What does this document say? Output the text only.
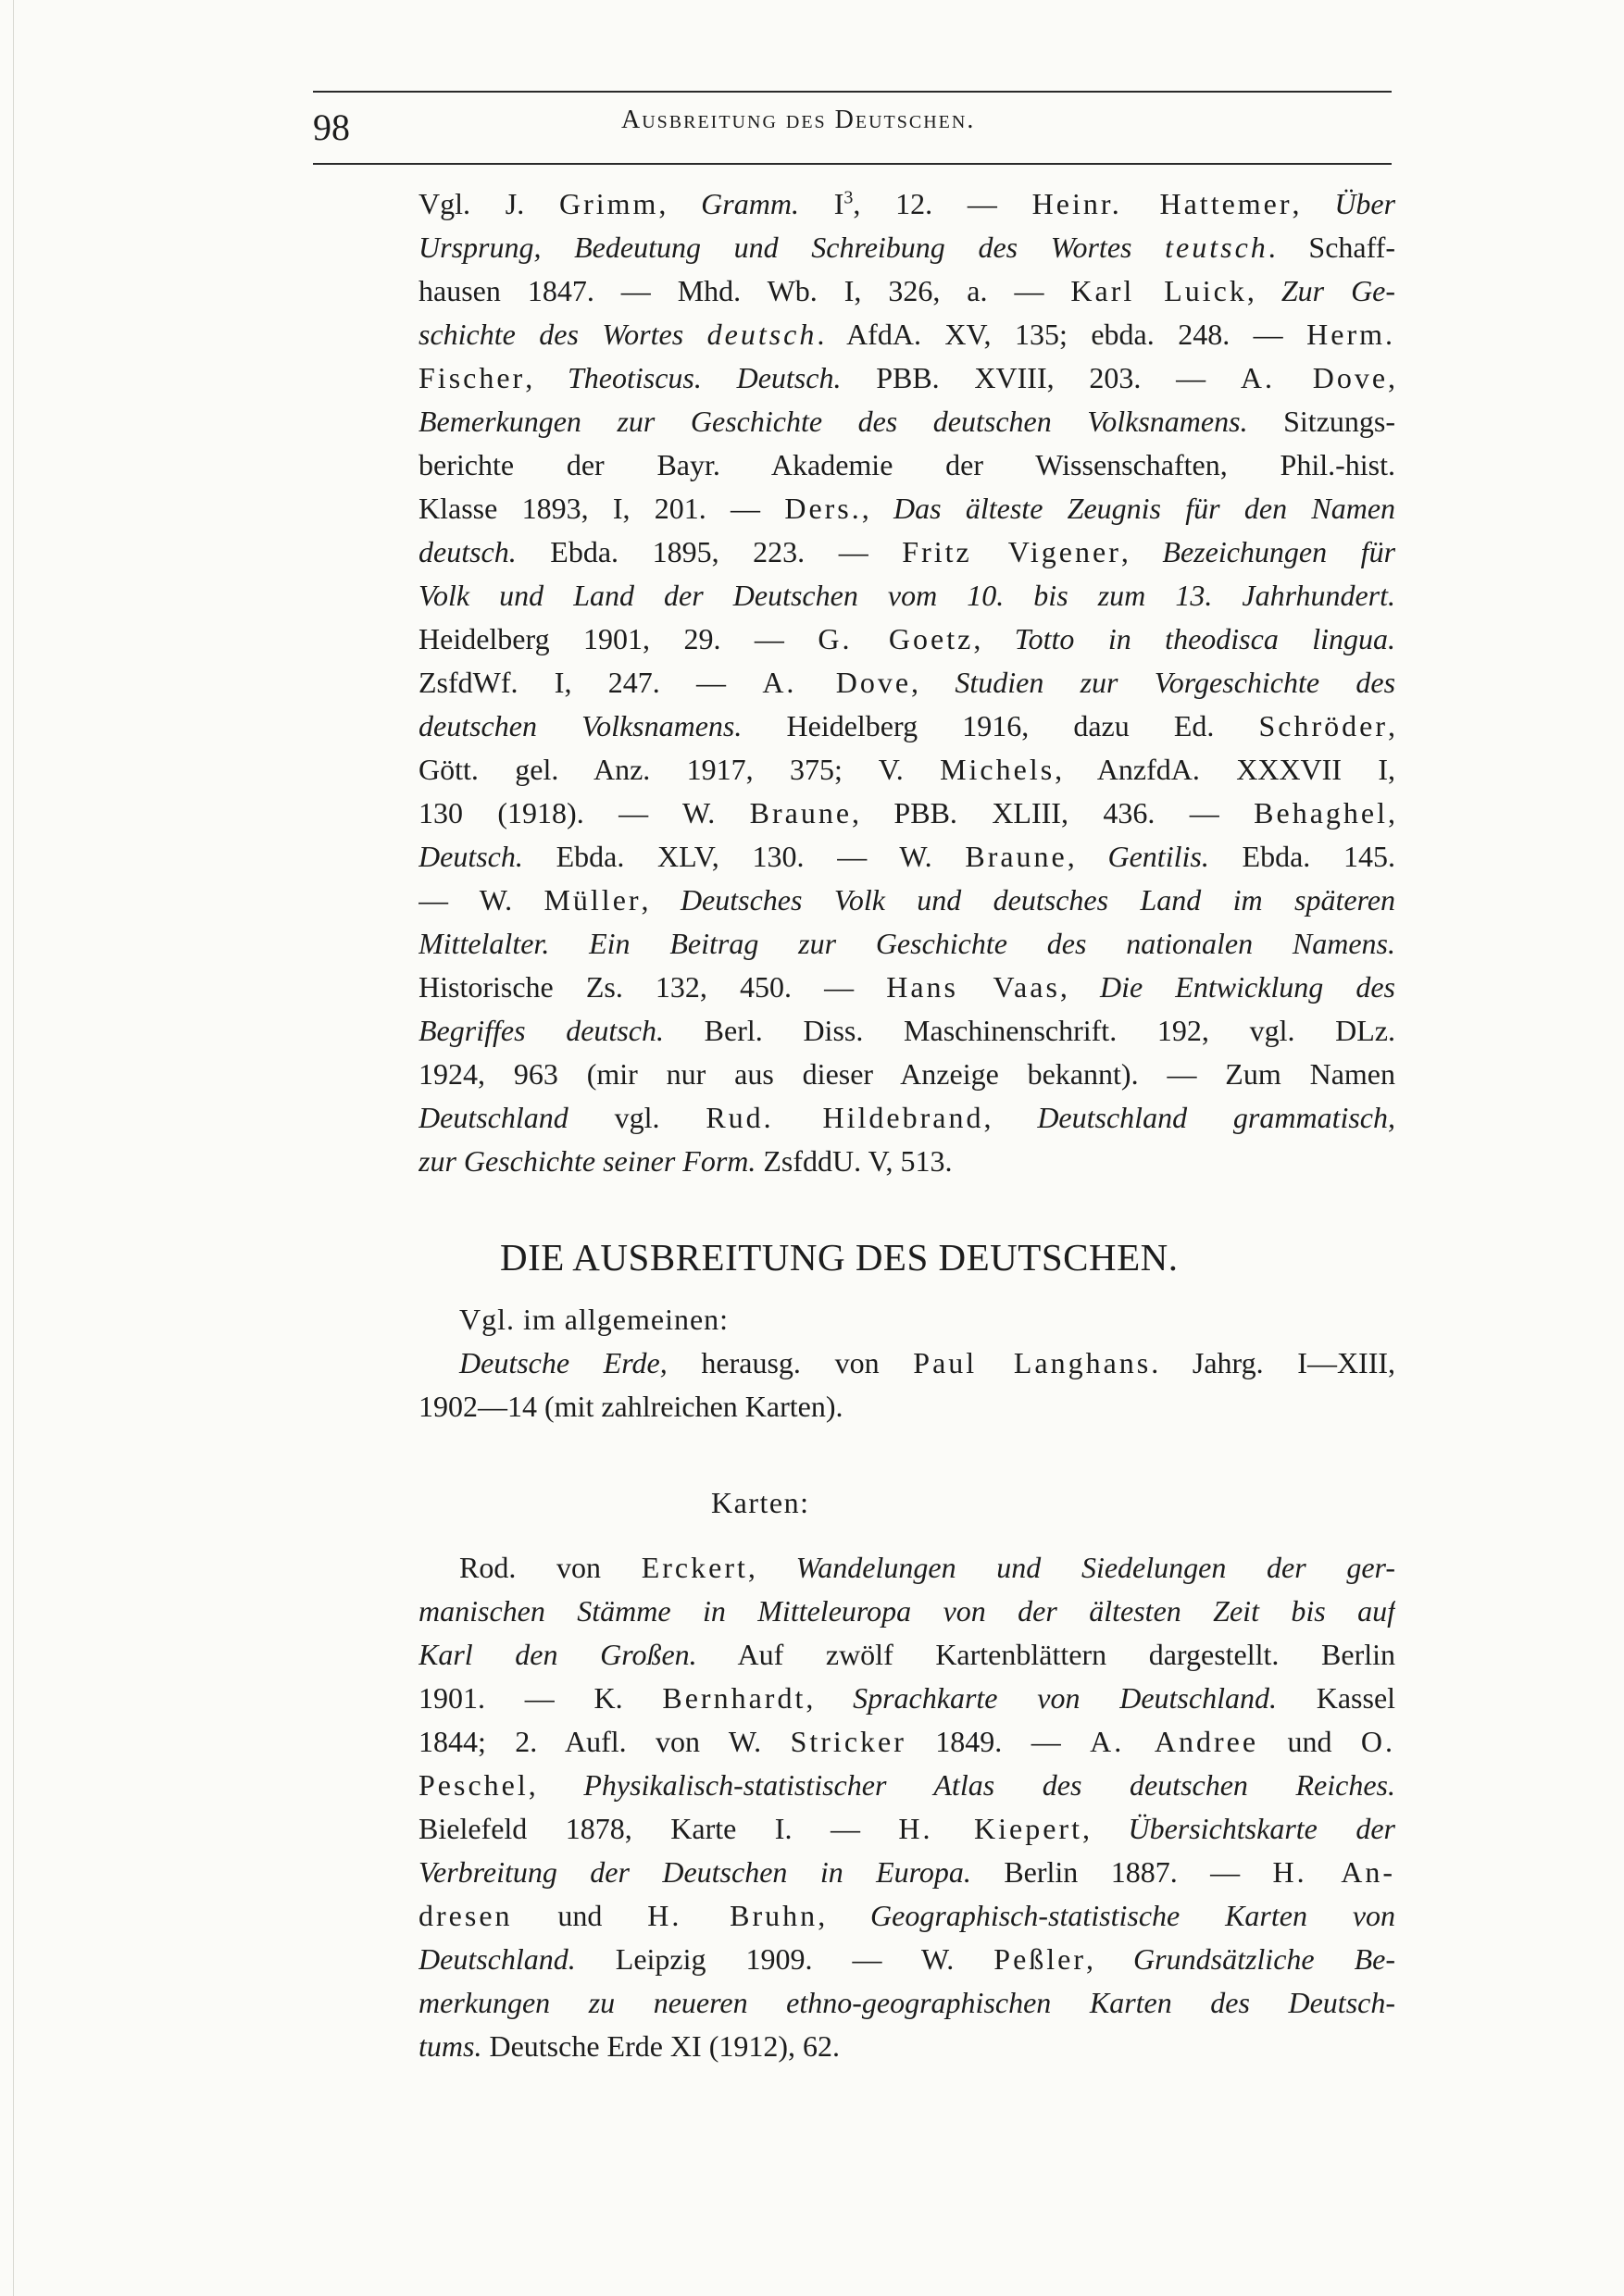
98	Ausbreitung des Deutschen.
Vgl. J. Grimm, Gramm. $I^3$, 12. — Heinr. Hattemer, Über
Ursprung, Bedeutung und Schreibung des Wortes teutsch. Schaff-
hausen 1847. — Mhd. Wb. I, 326, a. — Karl Luick, Zur Ge-
schichte des Wortes deutsch. AfdA. XV, 135; ebda. 248. — Herm.
Fischer, Theotiscus. Deutsch. PBB. XVIII, 203. — A. Dove,
Bemerkungen zur Geschichte des deutschen Volksnamens. Sitzungs-
berichte der Bayr. Akademie der Wissenschaften, Phil.-hist.
Klasse 1893, I, 201. — Ders., Das älteste Zeugnis für den Namen
deutsch. Ebda. 1895, 223. — Fritz Vigener, Bezeichungen für
Volk und Land der Deutschen vom 10. bis zum 13. Jahrhundert.
Heidelberg 1901, 29. — G. Goetz, Totto in theodisca lingua.
ZsfdWf. I, 247. — A. Dove, Studien zur Vorgeschichte des
deutschen Volksnamens. Heidelberg 1916, dazu Ed. Schröder,
Gött. gel. Anz. 1917, 375; V. Michels, AnzfdA. XXXVII I,
130 (1918). — W. Braune, PBB. XLIII, 436. — Behaghel,
Deutsch. Ebda. XLV, 130. — W. Braune, Gentilis. Ebda. 145.
— W. Müller, Deutsches Volk und deutsches Land im späteren
Mittelalter. Ein Beitrag zur Geschichte des nationalen Namens.
Historische Zs. 132, 450. — Hans Vaas, Die Entwicklung des
Begriffes deutsch. Berl. Diss. Maschinenschrift. 192, vgl. DLz.
1924, 963 (mir nur aus dieser Anzeige bekannt). — Zum Namen
Deutschland vgl. Rud. Hildebrand, Deutschland grammatisch,
zur Geschichte seiner Form. ZsfddU. V, 513.
DIE AUSBREITUNG DES DEUTSCHEN.
Vgl. im allgemeinen:
Deutsche Erde, herausg. von Paul Langhans. Jahrg. I—XIII,
1902—14 (mit zahlreichen Karten).
Karten:
Rod. von Erckert, Wandelungen und Siedelungen der ger-
manischen Stämme in Mitteleuropa von der ältesten Zeit bis auf
Karl den Großen. Auf zwölf Kartenblättern dargestellt. Berlin
1901. — K. Bernhardt, Sprachkarte von Deutschland. Kassel
1844; 2. Aufl. von W. Stricker 1849. — A. Andree und O.
Peschel, Physikalisch-statistischer Atlas des deutschen Reiches.
Bielefeld 1878, Karte I. — H. Kiepert, Übersichtskarte der
Verbreitung der Deutschen in Europa. Berlin 1887. — H. An-
dresen und H. Bruhn, Geographisch-statistische Karten von
Deutschland. Leipzig 1909. — W. Peßler, Grundsätzliche Be-
merkungen zu neueren ethno-geographischen Karten des Deutsch-
tums. Deutsche Erde XI (1912), 62.
